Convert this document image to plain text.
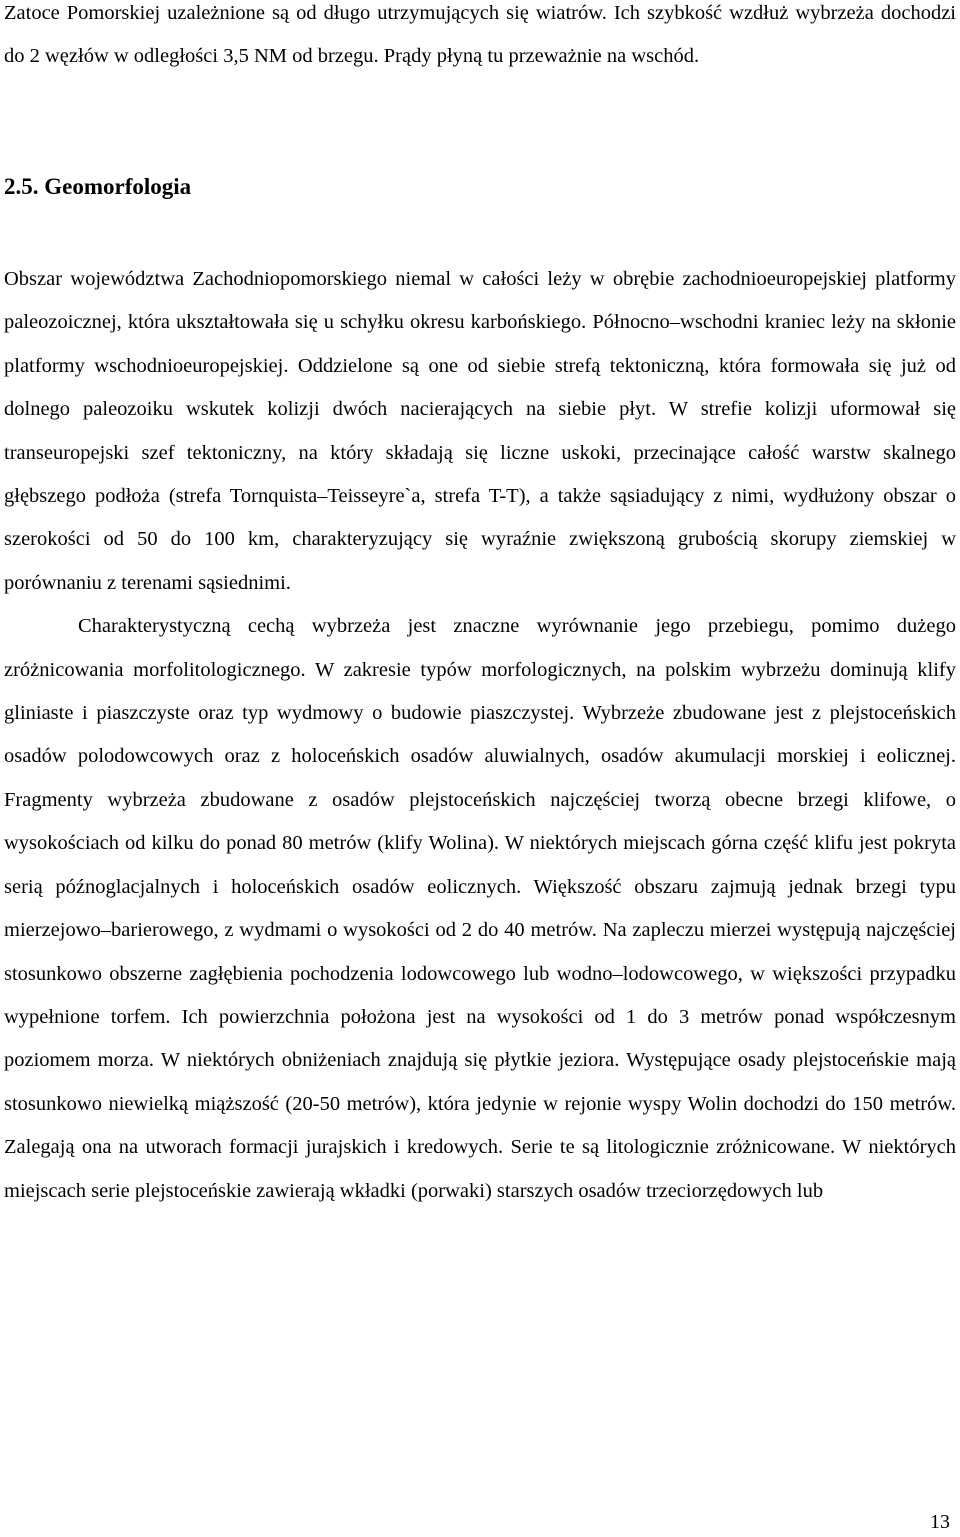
Zatoce Pomorskiej uzależnione są od długo utrzymujących się wiatrów. Ich szybkość wzdłuż wybrzeża dochodzi do 2 węzłów w odległości 3,5 NM od brzegu. Prądy płyną tu przeważnie na wschód.

2.5. Geomorfologia

Obszar województwa Zachodniopomorskiego niemal w całości leży w obrębie zachodnioeuropejskiej platformy paleozoicznej, która ukształtowała się u schyłku okresu karbońskiego. Północno–wschodni kraniec leży na skłonie platformy wschodnioeuropejskiej. Oddzielone są one od siebie strefą tektoniczną, która formowała się już od dolnego paleozoiku wskutek kolizji dwóch nacierających na siebie płyt. W strefie kolizji uformował się transeuropejski szef tektoniczny, na który składają się liczne uskoki, przecinające całość warstw skalnego głębszego podłoża (strefa Tornquista–Teisseyre`a, strefa T-T), a także sąsiadujący z nimi, wydłużony obszar o szerokości od 50 do 100 km, charakteryzujący się wyraźnie zwiększoną grubością skorupy ziemskiej w porównaniu z terenami sąsiednimi.

Charakterystyczną cechą wybrzeża jest znaczne wyrównanie jego przebiegu, pomimo dużego zróżnicowania morfolitologicznego. W zakresie typów morfologicznych, na polskim wybrzeżu dominują klify gliniaste i piaszczyste oraz typ wydmowy o budowie piaszczystej. Wybrzeże zbudowane jest z plejstoceńskich osadów polodowcowych oraz z holoceńskich osadów aluwialnych, osadów akumulacji morskiej i eolicznej. Fragmenty wybrzeża zbudowane z osadów plejstoceńskich najczęściej tworzą obecne brzegi klifowe, o wysokościach od kilku do ponad 80 metrów (klify Wolina). W niektórych miejscach górna część klifu jest pokryta serią późnoglacjalnych i holoceńskich osadów eolicznych. Większość obszaru zajmują jednak brzegi typu mierzejowo–barierowego, z wydmami o wysokości od 2 do 40 metrów. Na zapleczu mierzei występują najczęściej stosunkowo obszerne zagłębienia pochodzenia lodowcowego lub wodno–lodowcowego, w większości przypadku wypełnione torfem. Ich powierzchnia położona jest na wysokości od 1 do 3 metrów ponad współczesnym poziomem morza. W niektórych obniżeniach znajdują się płytkie jeziora. Występujące osady plejstoceńskie mają stosunkowo niewielką miąższość (20-50 metrów), która jedynie w rejonie wyspy Wolin dochodzi do 150 metrów. Zalegają ona na utworach formacji jurajskich i kredowych. Serie te są litologicznie zróżnicowane. W niektórych miejscach serie plejstoceńskie zawierają wkładki (porwaki) starszych osadów trzeciorzędowych lub

13
